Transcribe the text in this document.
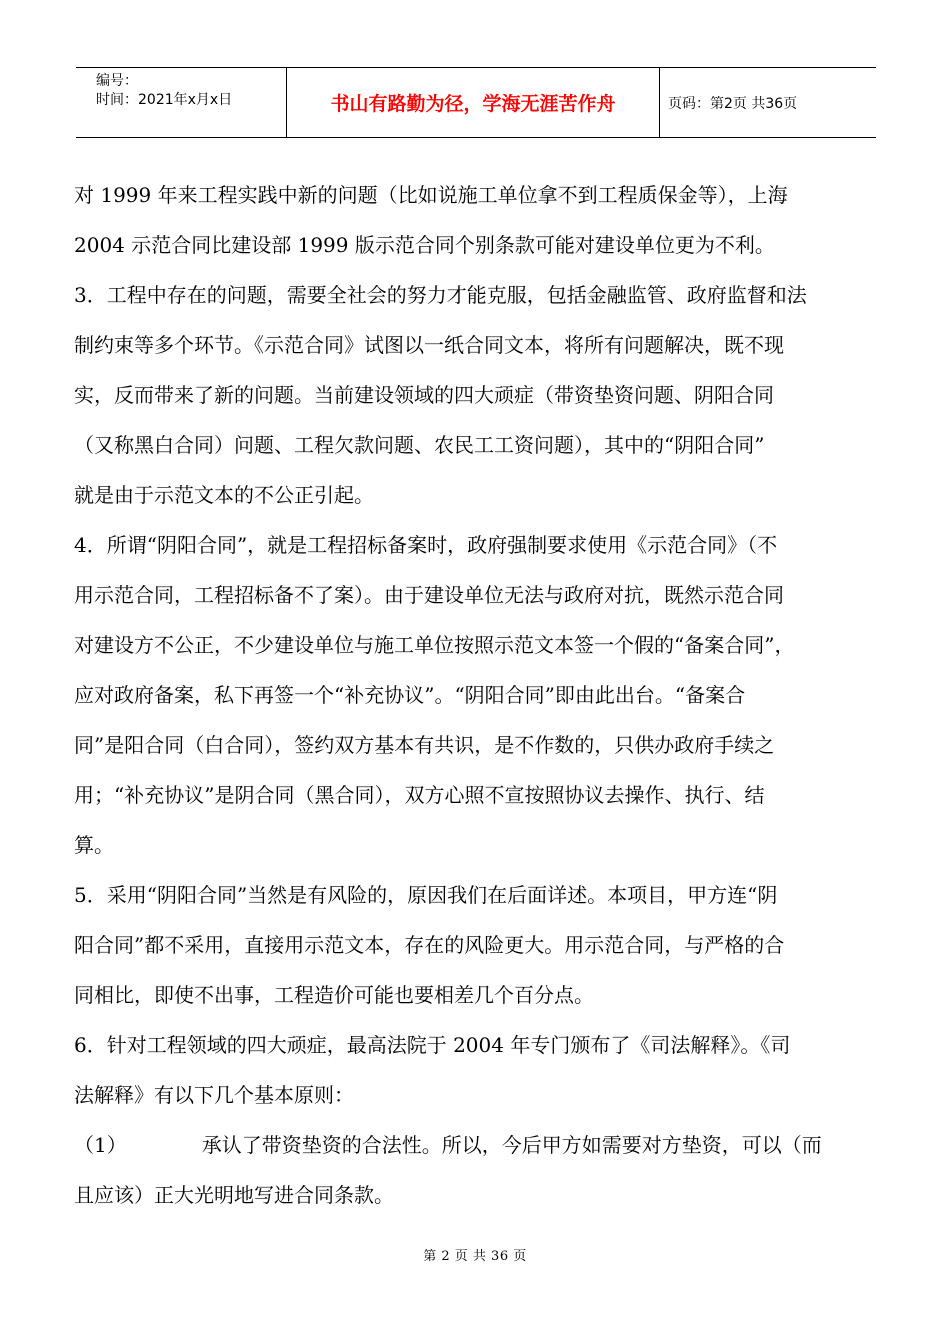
编号：
时间：2021年x月x日	书山有路勤为径，学海无涯苦作舟	页码：第2页 共36页
对 1999 年来工程实践中新的问题（比如说施工单位拿不到工程质保金等），上海
2004 示范合同比建设部 1999 版示范合同个别条款可能对建设单位更为不利。
3．工程中存在的问题，需要全社会的努力才能克服，包括金融监管、政府监督和法
制约束等多个环节。《示范合同》试图以一纸合同文本，将所有问题解决，既不现
实，反而带来了新的问题。当前建设领域的四大顽症（带资垫资问题、阴阳合同
（又称黑白合同）问题、工程欠款问题、农民工工资问题），其中的“阴阳合同”
就是由于示范文本的不公正引起。
4．所谓“阴阳合同”，就是工程招标备案时，政府强制要求使用《示范合同》（不
用示范合同，工程招标备不了案）。由于建设单位无法与政府对抗，既然示范合同
对建设方不公正，不少建设单位与施工单位按照示范文本签一个假的“备案合同”，
应对政府备案，私下再签一个“补充协议”。“阴阳合同”即由此出台。“备案合
同”是阳合同（白合同），签约双方基本有共识，是不作数的，只供办政府手续之
用；“补充协议”是阴合同（黑合同），双方心照不宣按照协议去操作、执行、结
算。
5．采用“阴阳合同”当然是有风险的，原因我们在后面详述。本项目，甲方连“阴
阳合同”都不采用，直接用示范文本，存在的风险更大。用示范合同，与严格的合
同相比，即使不出事，工程造价可能也要相差几个百分点。
6．针对工程领域的四大顽症，最高法院于 2004 年专门颁布了《司法解释》。《司
法解释》有以下几个基本原则：
（1）	承认了带资垫资的合法性。所以，今后甲方如需要对方垫资，可以（而
且应该）正大光明地写进合同条款。
第 2 页 共 36 页
